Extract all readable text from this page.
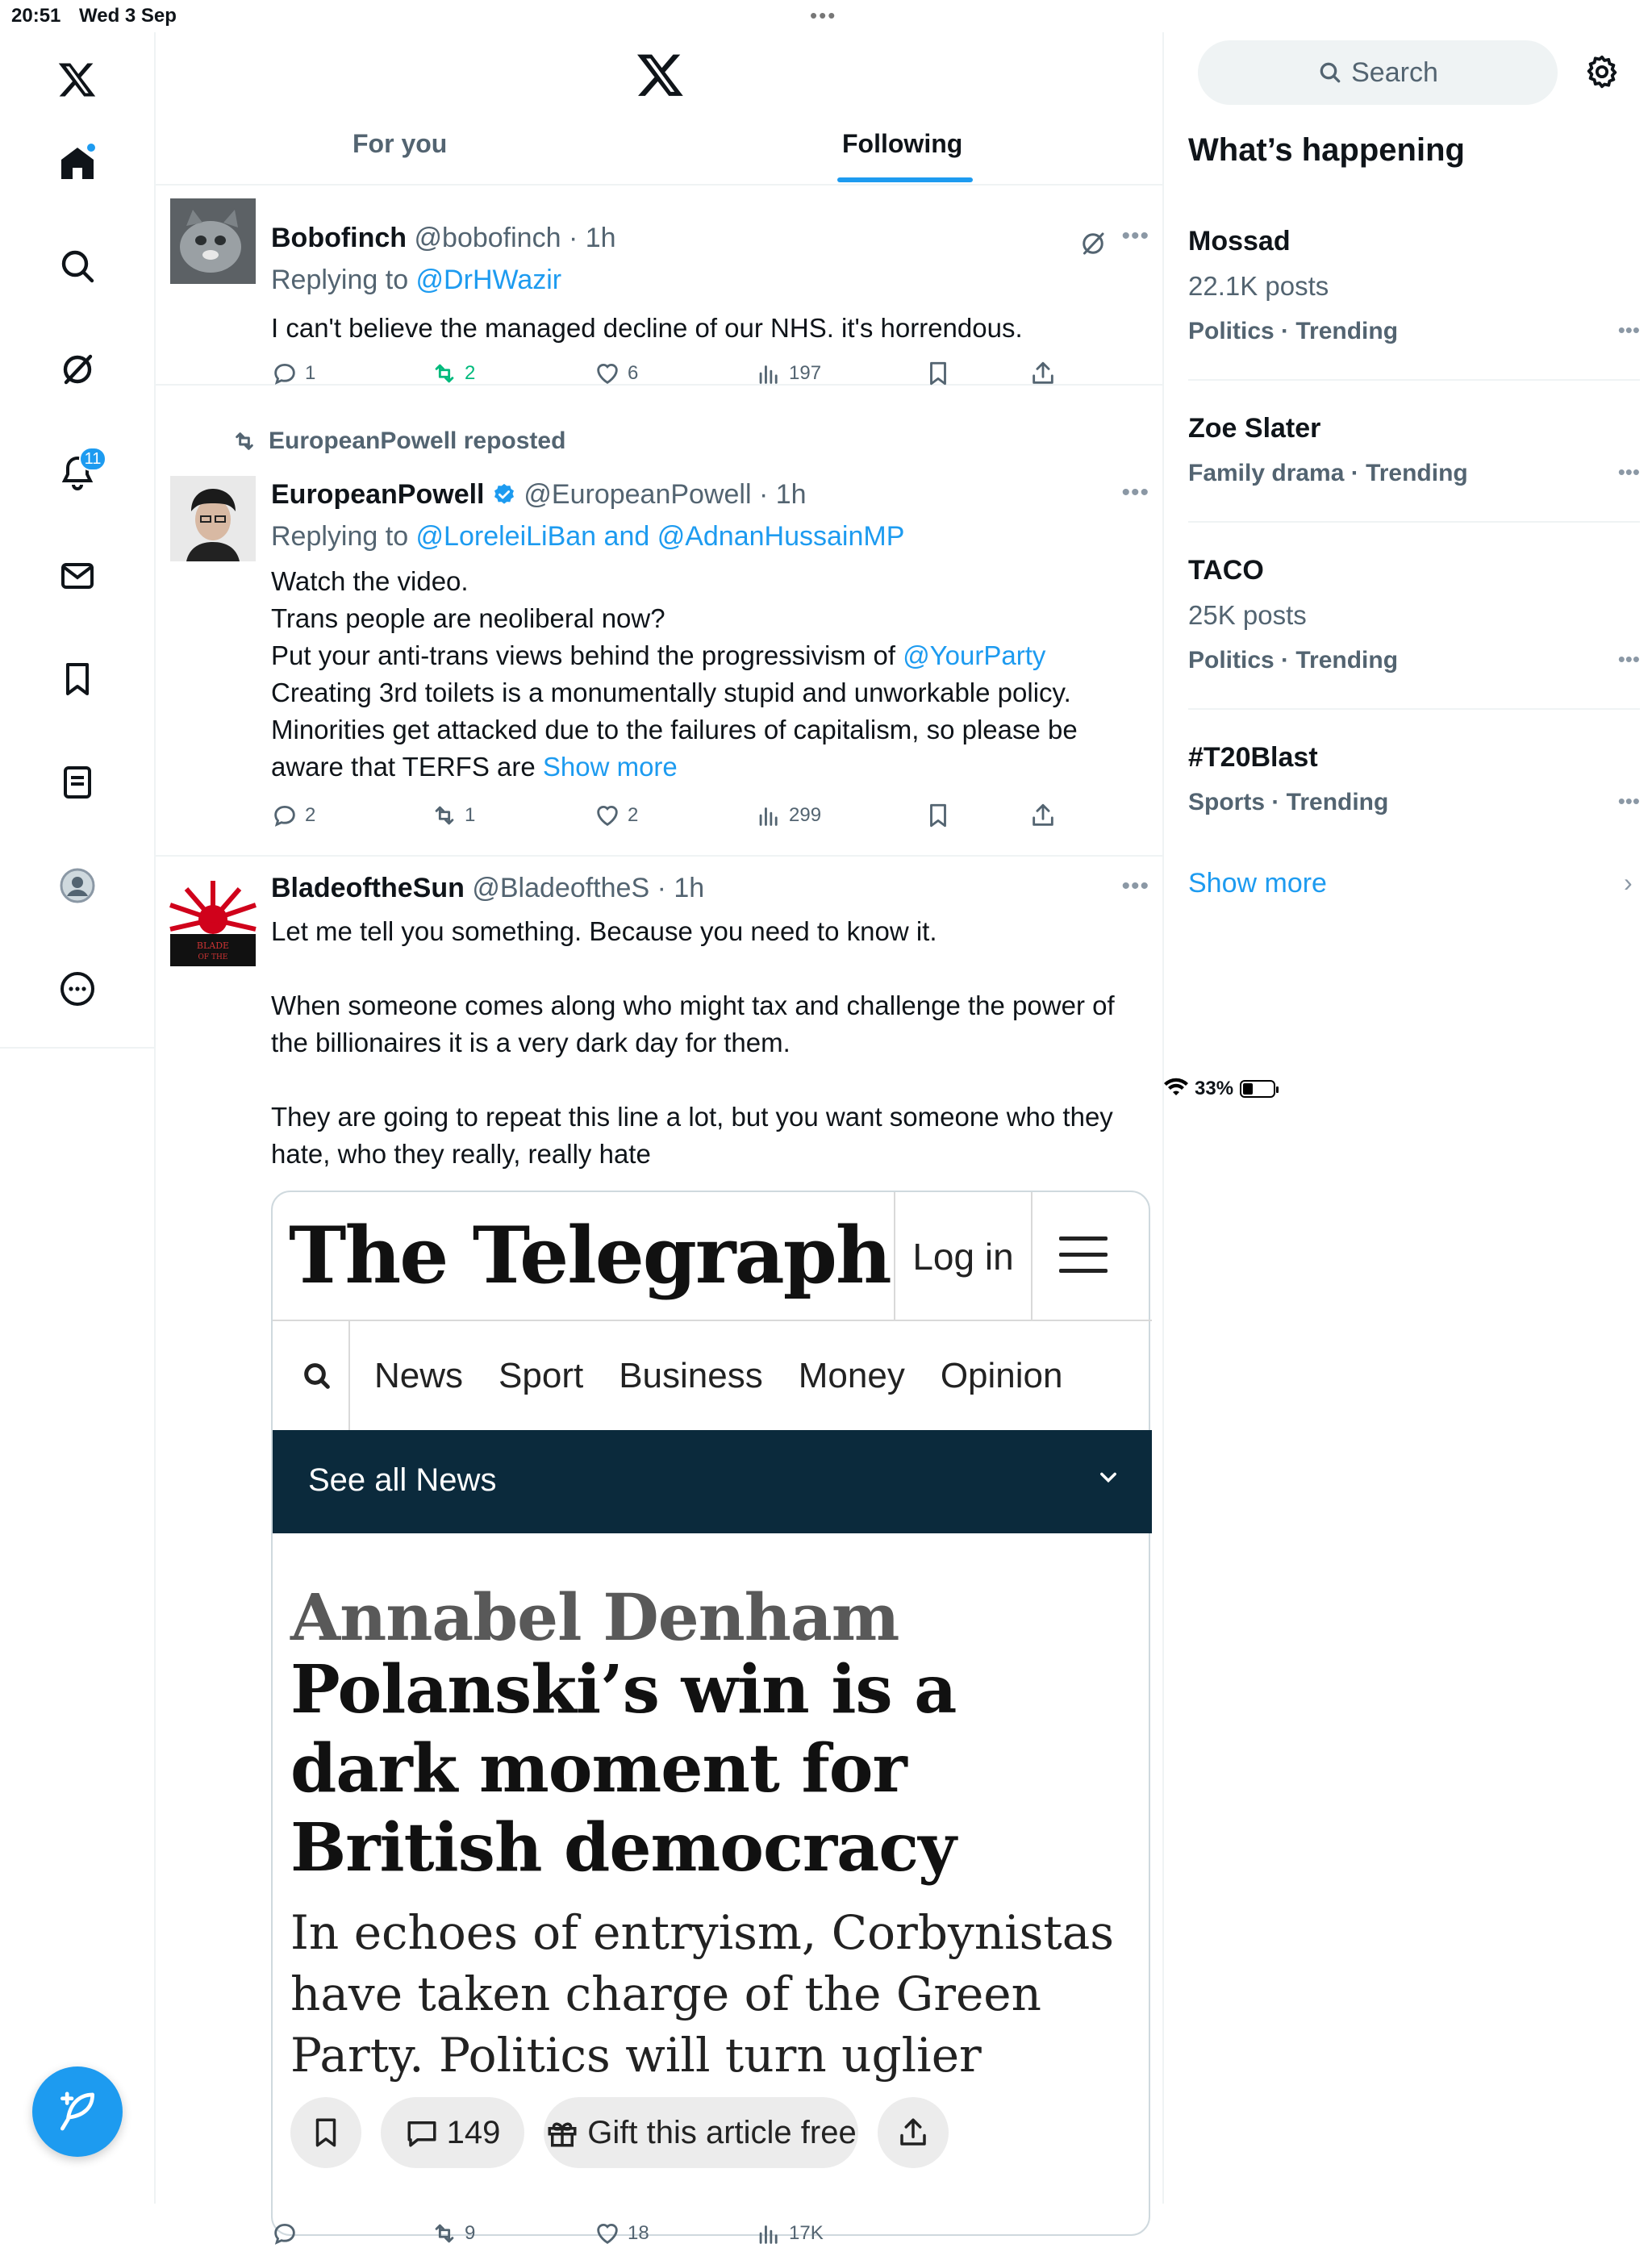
20:51 Wed 3 Sep	•••
33%
11
For you	Following
Bobofinch @bobofinch · 1h	•••
Replying to @DrHWazir
I can't believe the managed decline of our NHS. it's horrendous.
1	2	6	197
EuropeanPowell reposted
EuropeanPowell @EuropeanPowell · 1h	•••
Replying to @LoreleiLiBan and @AdnanHussainMP
Watch the video.
Trans people are neoliberal now?
Put your anti-trans views behind the progressivism of @YourParty
Creating 3rd toilets is a monumentally stupid and unworkable policy.
Minorities get attacked due to the failures of capitalism, so please be
aware that TERFS are Show more
2	1	2	299
BLADE
OF THE
BladeoftheSun @BladeoftheS · 1h	•••
Let me tell you something. Because you need to know it.
When someone comes along who might tax and challenge the power of the billionaires it is a very dark day for them.
They are going to repeat this line a lot, but you want someone who they hate, who they really, really hate
The Telegraph Log in
News Sport Business Money Opinion
See all News
Annabel Denham
Polanski’s win is a dark moment for British democracy
In echoes of entryism, Corbynistas have taken charge of the Green Party. Politics will turn uglier
149	Gift this article free
9	18	17K
Search
What’s happening
Mossad
22.1K posts
Politics · Trending	•••
Zoe Slater
Family drama · Trending	•••
TACO
25K posts
Politics · Trending	•••
#T20Blast
Sports · Trending	•••
Show more	›
